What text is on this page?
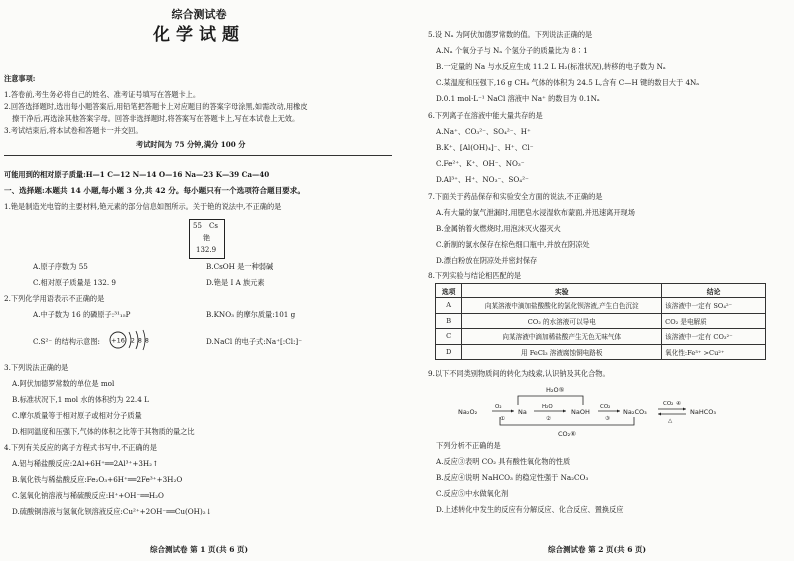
综合测试卷
化学试题
注意事项:
1.答卷前,考生务必将自己的姓名、准考证号填写在答题卡上。
2.回答选择题时,选出每小题答案后,用铅笔把答题卡上对应题目的答案字母涂黑,如需改动,用橡皮
擦干净后,再选涂其他答案字母。回答非选择题时,将答案写在答题卡上,写在本试卷上无效。
3.考试结束后,将本试卷和答题卡一并交回。
考试时间为 75 分钟,满分 100 分
可能用到的相对原子质量:H—1 C—12 N—14 O—16 Na—23 K—39 Ca—40
一、选择题:本题共 14 小题,每小题 3 分,共 42 分。每小题只有一个选项符合题目要求。
1.铯是制造光电管的主要材料,铯元素的部分信息如图所示。关于铯的说法中,不正确的是
55 Cs
铯
132.9
A.原子序数为 55	B.CsOH 是一种弱碱
C.相对原子质量是 132. 9	D.铯是 I A 族元素
2.下列化学用语表示不正确的是
A.中子数为 16 的磷原子:³¹₁₅P	B.KNO₃ 的摩尔质量:101 g
C.S²⁻ 的结构示意图: +16 2 8 8	D.NaCl 的电子式:Na⁺[:Cl:]⁻
3.下列说法正确的是
A.阿伏加德罗常数的单位是 mol
B.标准状况下,1 mol 水的体积约为 22.4 L
C.摩尔质量等于相对原子或相对分子质量
D.相同温度和压强下,气体的体积之比等于其物质的量之比
4.下列有关反应的离子方程式书写中,不正确的是
A.铝与稀盐酸反应:2Al+6H⁺══2Al³⁺+3H₂↑
B.氧化铁与稀盐酸反应:Fe₂O₃+6H⁺══2Fe³⁺+3H₂O
C.氢氧化钠溶液与稀硫酸反应:H⁺+OH⁻══H₂O
D.硫酸铜溶液与氢氧化钡溶液反应:Cu²⁺+2OH⁻══Cu(OH)₂↓
综合测试卷 第 1 页(共 6 页)
5.设 Nₐ 为阿伏加德罗常数的值。下列说法正确的是
A.Nₐ 个氧分子与 Nₐ 个氢分子的质量比为 8∶1
B.一定量的 Na 与水反应生成 11.2 L H₂(标准状况),转移的电子数为 Nₐ
C.某温度和压强下,16 g CH₄ 气体的体积为 24.5 L,含有 C—H 键的数目大于 4Nₐ
D.0.1 mol·L⁻¹ NaCl 溶液中 Na⁺ 的数目为 0.1Nₐ
6.下列离子在溶液中能大量共存的是
A.Na⁺、CO₃²⁻、SO₄²⁻、H⁺
B.K⁺、[Al(OH)₄]⁻、H⁺、Cl⁻
C.Fe²⁺、K⁺、OH⁻、NO₃⁻
D.Al³⁺、H⁺、NO₃⁻、SO₄²⁻
7.下面关于药品保存和实验安全方面的说法,不正确的是
A.有大量的氯气泄漏时,用肥皂水浸湿软布蒙面,并迅速离开现场
B.金属钠着火燃烧时,用泡沫灭火器灭火
C.新制的氯水保存在棕色细口瓶中,并放在阴凉处
D.漂白粉放在阴凉处并密封保存
8.下列实验与结论相匹配的是
9.以下不同类别物质间的转化为线索,认识钠及其化合物。
H₂O⑤
CO₂⑥
Na₂O₂	Na	NaOH	Na₂CO₃	NaHCO₃
O₂
①
H₂O
②
CO₂
③
CO₂ ④
△
下列分析不正确的是
A.反应③表明 CO₂ 具有酸性氧化物的性质
B.反应④说明 NaHCO₃ 的稳定性强于 Na₂CO₃
C.反应⑤中水做氧化剂
D.上述转化中发生的反应有分解反应、化合反应、置换反应
综合测试卷 第 2 页(共 6 页)
选项	实验	结论
A	向某溶液中滴加盐酸酸化的氯化钡溶液,产生白色沉淀	该溶液中一定有 SO₄²⁻
B	CO₂ 的水溶液可以导电	CO₂ 是电解质
C	向某溶液中滴加稀盐酸产生无色无味气体	该溶液中一定有 CO₃²⁻
D	用 FeCl₃ 溶液腐蚀铜电路板	氧化性:Fe³⁺ >Cu²⁺
